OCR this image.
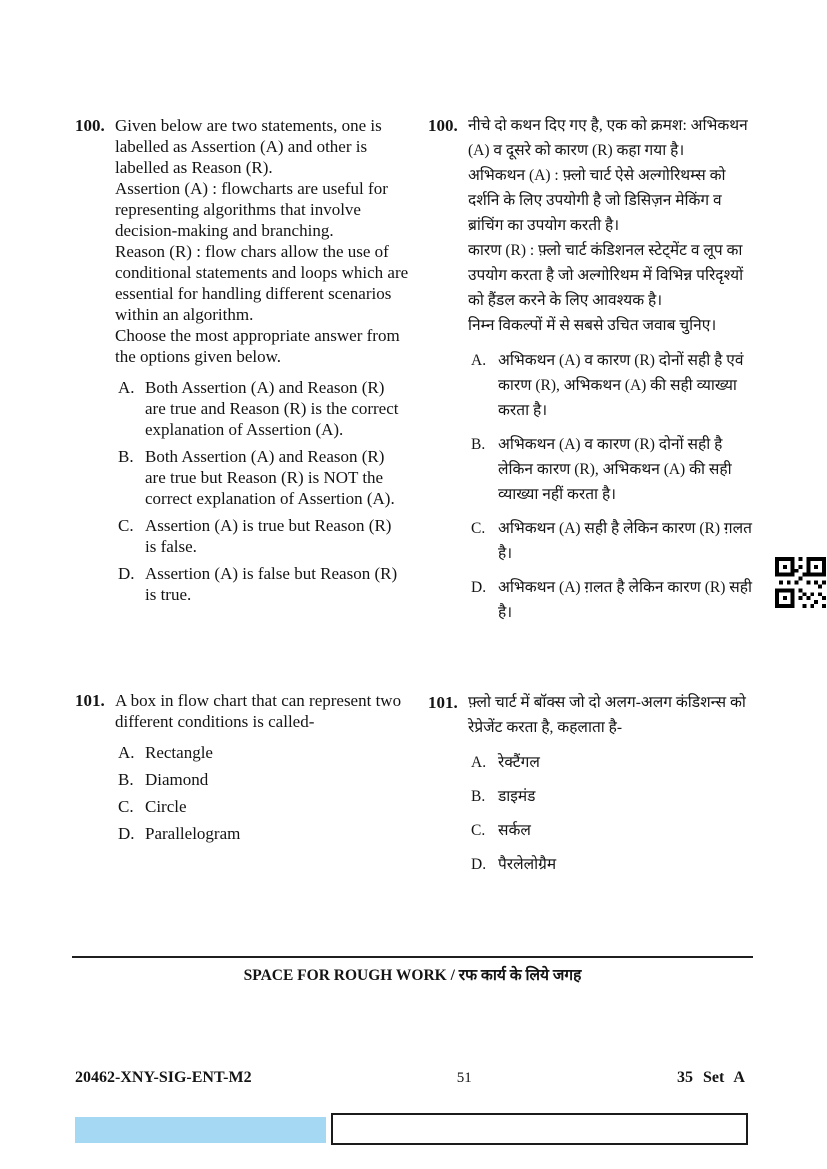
100. Given below are two statements, one is labelled as Assertion (A) and other is labelled as Reason (R).

Assertion (A) : flowcharts are useful for representing algorithms that involve decision-making and branching.

Reason (R) : flow chars allow the use of conditional statements and loops which are essential for handling different scenarios within an algorithm.

Choose the most appropriate answer from the options given below.

A. Both Assertion (A) and Reason (R) are true and Reason (R) is the correct explanation of Assertion (A).
B. Both Assertion (A) and Reason (R) are true but Reason (R) is NOT the correct explanation of Assertion (A).
C. Assertion (A) is true but Reason (R) is false.
D. Assertion (A) is false but Reason (R) is true.
101. A box in flow chart that can represent two different conditions is called-

A. Rectangle
B. Diamond
C. Circle
D. Parallelogram
100. नीचे दो कथन दिए गए है, एक को क्रमश: अभिकथन (A) व दूसरे को कारण (R) कहा गया है।

अभिकथन (A) : फ़्लो चार्ट ऐसे अल्गोरिथम्स को दर्शनि के लिए उपयोगी है जो डिसिज़न मेकिंग व ब्रांचिंग का उपयोग करती है।

कारण (R) : फ़्लो चार्ट कंडिशनल स्टेट्मेंट व लूप का उपयोग करता है जो अल्गोरिथम में विभिन्न परिदृश्यों को हैंडल करने के लिए आवश्यक है।

निम्न विकल्पों में से सबसे उचित जवाब चुनिए।

A. अभिकथन (A) व कारण (R) दोनों सही है एवं कारण (R), अभिकथन (A) की सही व्याख्या करता है।
B. अभिकथन (A) व कारण (R) दोनों सही है लेकिन कारण (R), अभिकथन (A) की सही व्याख्या नहीं करता है।
C. अभिकथन (A) सही है लेकिन कारण (R) ग़लत है।
D. अभिकथन (A) ग़लत है लेकिन कारण (R) सही है।
101. फ़्लो चार्ट में बॉक्स जो दो अलग-अलग कंडिशन्स को रेप्रेजेंट करता है, कहलाता है-

A. रेक्टैंगल
B. डाइमंड
C. सर्कल
D. पैरलेलोग्रैम
SPACE FOR ROUGH WORK / रफ कार्य के लिये जगह
20462-XNY-SIG-ENT-M2	51	35 Set A
